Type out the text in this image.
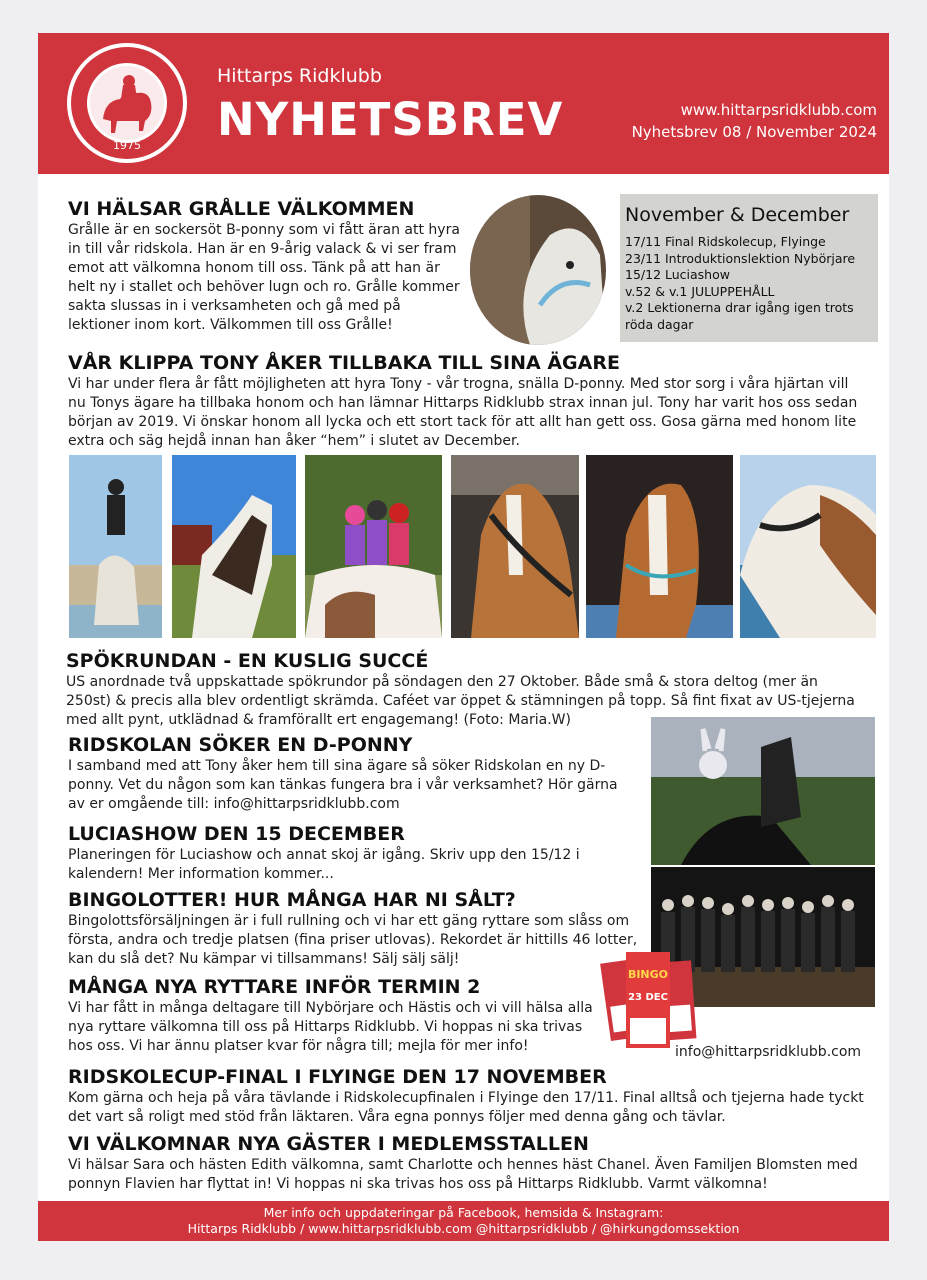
1975
Hittarps Ridklubb
NYHETSBREV	www.hittarpsridklubb.com
Nyhetsbrev 08 / November 2024
VI HÄLSAR GRÅLLE VÄLKOMMEN
Grålle är en sockersöt B-ponny som vi fått äran att hyra in till vår ridskola. Han är en 9-årig valack & vi ser fram emot att välkomna honom till oss. Tänk på att han är helt ny i stallet och behöver lugn och ro. Grålle kommer sakta slussas in i verksamheten och gå med på lektioner inom kort. Välkommen till oss Grålle!
November & December
17/11 Final Ridskolecup, Flyinge
23/11 Introduktionslektion Nybörjare
15/12 Luciashow
v.52 & v.1 JULUPPEHÅLL
v.2 Lektionerna drar igång igen trots röda dagar
VÅR KLIPPA TONY ÅKER TILLBAKA TILL SINA ÄGARE
Vi har under flera år fått möjligheten att hyra Tony - vår trogna, snälla D-ponny. Med stor sorg i våra hjärtan vill nu Tonys ägare ha tillbaka honom och han lämnar Hittarps Ridklubb strax innan jul. Tony har varit hos oss sedan början av 2019. Vi önskar honom all lycka och ett stort tack för att allt han gett oss. Gosa gärna med honom lite extra och säg hejdå innan han åker “hem” i slutet av December.
SPÖKRUNDAN - EN KUSLIG SUCCÉ
US anordnade två uppskattade spökrundor på söndagen den 27 Oktober. Både små & stora deltog (mer än 250st) & precis alla blev ordentligt skrämda. Caféet var öppet & stämningen på topp. Så fint fixat av US-tjejerna med allt pynt, utklädnad & framförallt ert engagemang! (Foto: Maria.W)
RIDSKOLAN SÖKER EN D-PONNY
I samband med att Tony åker hem till sina ägare så söker Ridskolan en ny D-ponny. Vet du någon som kan tänkas fungera bra i vår verksamhet? Hör gärna av er omgående till: info@hittarpsridklubb.com
LUCIASHOW DEN 15 DECEMBER
Planeringen för Luciashow och annat skoj är igång. Skriv upp den 15/12 i kalendern! Mer information kommer...
BINGOLOTTER! HUR MÅNGA HAR NI SÅLT?
Bingolottsförsäljningen är i full rullning och vi har ett gäng ryttare som slåss om första, andra och tredje platsen (fina priser utlovas). Rekordet är hittills 46 lotter, kan du slå det? Nu kämpar vi tillsammans! Sälj sälj sälj!
BINGO
23 DEC
MÅNGA NYA RYTTARE INFÖR TERMIN 2
Vi har fått in många deltagare till Nybörjare och Hästis och vi vill hälsa alla nya ryttare välkomna till oss på Hittarps Ridklubb. Vi hoppas ni ska trivas hos oss. Vi har ännu platser kvar för några till; mejla för mer info!	info@hittarpsridklubb.com
RIDSKOLECUP-FINAL I FLYINGE DEN 17 NOVEMBER
Kom gärna och heja på våra tävlande i Ridskolecupfinalen i Flyinge den 17/11. Final alltså och tjejerna hade tyckt det vart så roligt med stöd från läktaren. Våra egna ponnys följer med denna gång och tävlar.
VI VÄLKOMNAR NYA GÄSTER I MEDLEMSSTALLEN
Vi hälsar Sara och hästen Edith välkomna, samt Charlotte och hennes häst Chanel. Även Familjen Blomsten med ponnyn Flavien har flyttat in! Vi hoppas ni ska trivas hos oss på Hittarps Ridklubb. Varmt välkomna!
Mer info och uppdateringar på Facebook, hemsida & Instagram:
Hittarps Ridklubb / www.hittarpsridklubb.com @hittarpsridklubb / @hirkungdomssektion
